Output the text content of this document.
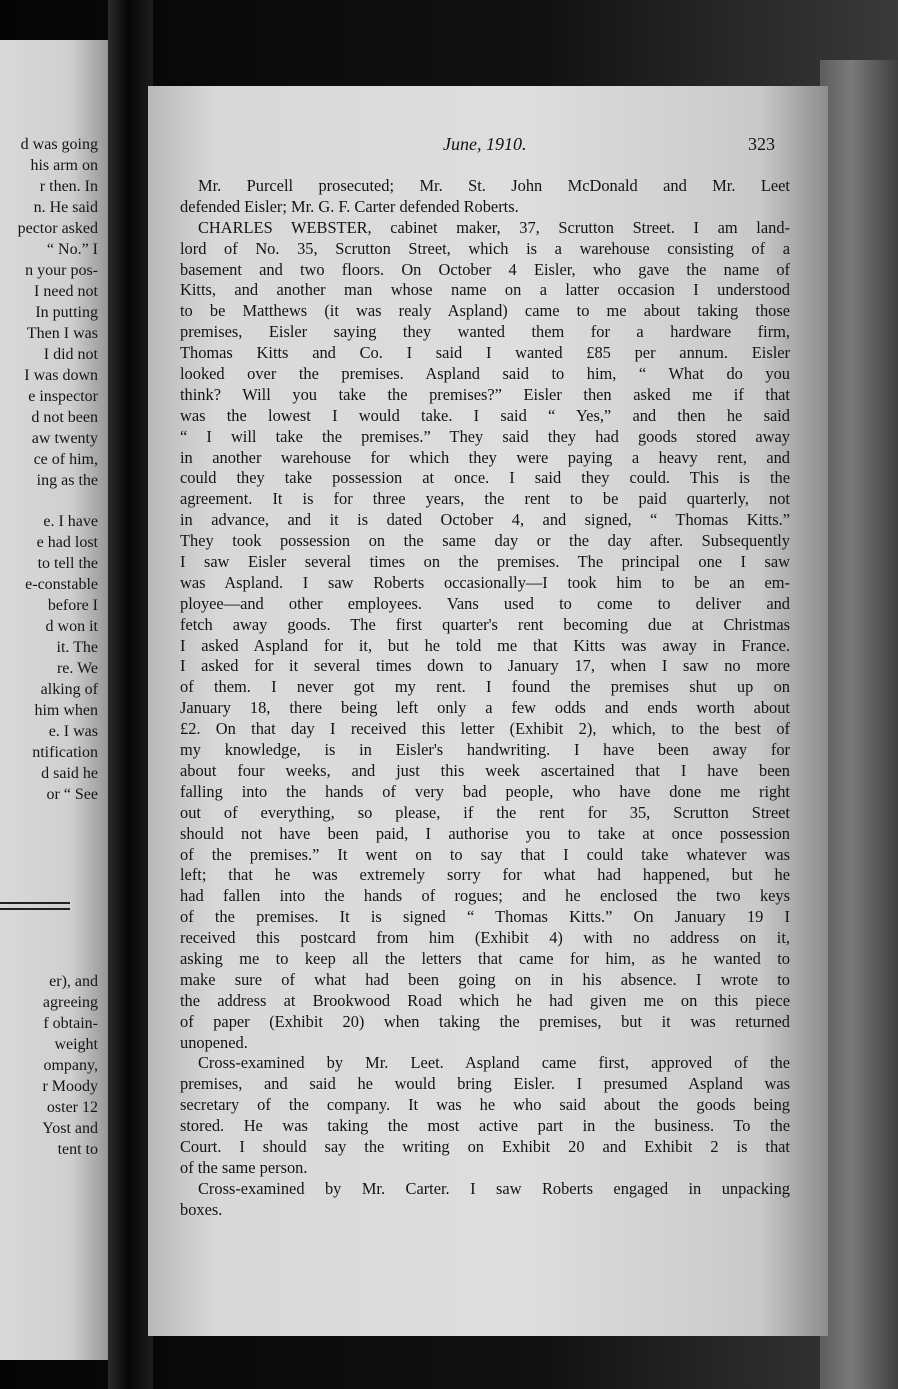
d was going
his arm on
r then. In
n. He said
pector asked
“ No.” I
n your pos-
I need not
In putting
Then I was
I did not
I was down
e inspector
d not been
aw twenty
ce of him,
ing as the
e. I have
e had lost
to tell the
e-constable
before I
d won it
it. The
re. We
alking of
him when
e. I was
ntification
d said he
or “ See
er), and
agreeing
f obtain-
weight
ompany,
r Moody
oster 12
Yost and
tent to
June, 1910.	323
Mr. Purcell prosecuted; Mr. St. John McDonald and Mr. Leet
defended Eisler; Mr. G. F. Carter defended Roberts.
CHARLES WEBSTER, cabinet maker, 37, Scrutton Street. I am land-
lord of No. 35, Scrutton Street, which is a warehouse consisting of a
basement and two floors. On October 4 Eisler, who gave the name of
Kitts, and another man whose name on a latter occasion I understood
to be Matthews (it was realy Aspland) came to me about taking those
premises, Eisler saying they wanted them for a hardware firm,
Thomas Kitts and Co. I said I wanted £85 per annum. Eisler
looked over the premises. Aspland said to him, “ What do you
think? Will you take the premises?” Eisler then asked me if that
was the lowest I would take. I said “ Yes,” and then he said
“ I will take the premises.” They said they had goods stored away
in another warehouse for which they were paying a heavy rent, and
could they take possession at once. I said they could. This is the
agreement. It is for three years, the rent to be paid quarterly, not
in advance, and it is dated October 4, and signed, “ Thomas Kitts.”
They took possession on the same day or the day after. Subsequently
I saw Eisler several times on the premises. The principal one I saw
was Aspland. I saw Roberts occasionally—I took him to be an em-
ployee—and other employees. Vans used to come to deliver and
fetch away goods. The first quarter's rent becoming due at Christmas
I asked Aspland for it, but he told me that Kitts was away in France.
I asked for it several times down to January 17, when I saw no more
of them. I never got my rent. I found the premises shut up on
January 18, there being left only a few odds and ends worth about
£2. On that day I received this letter (Exhibit 2), which, to the best of
my knowledge, is in Eisler's handwriting. I have been away for
about four weeks, and just this week ascertained that I have been
falling into the hands of very bad people, who have done me right
out of everything, so please, if the rent for 35, Scrutton Street
should not have been paid, I authorise you to take at once possession
of the premises.” It went on to say that I could take whatever was
left; that he was extremely sorry for what had happened, but he
had fallen into the hands of rogues; and he enclosed the two keys
of the premises. It is signed “ Thomas Kitts.” On January 19 I
received this postcard from him (Exhibit 4) with no address on it,
asking me to keep all the letters that came for him, as he wanted to
make sure of what had been going on in his absence. I wrote to
the address at Brookwood Road which he had given me on this piece
of paper (Exhibit 20) when taking the premises, but it was returned
unopened.
Cross-examined by Mr. Leet. Aspland came first, approved of the
premises, and said he would bring Eisler. I presumed Aspland was
secretary of the company. It was he who said about the goods being
stored. He was taking the most active part in the business. To the
Court. I should say the writing on Exhibit 20 and Exhibit 2 is that
of the same person.
Cross-examined by Mr. Carter. I saw Roberts engaged in unpacking
boxes.
